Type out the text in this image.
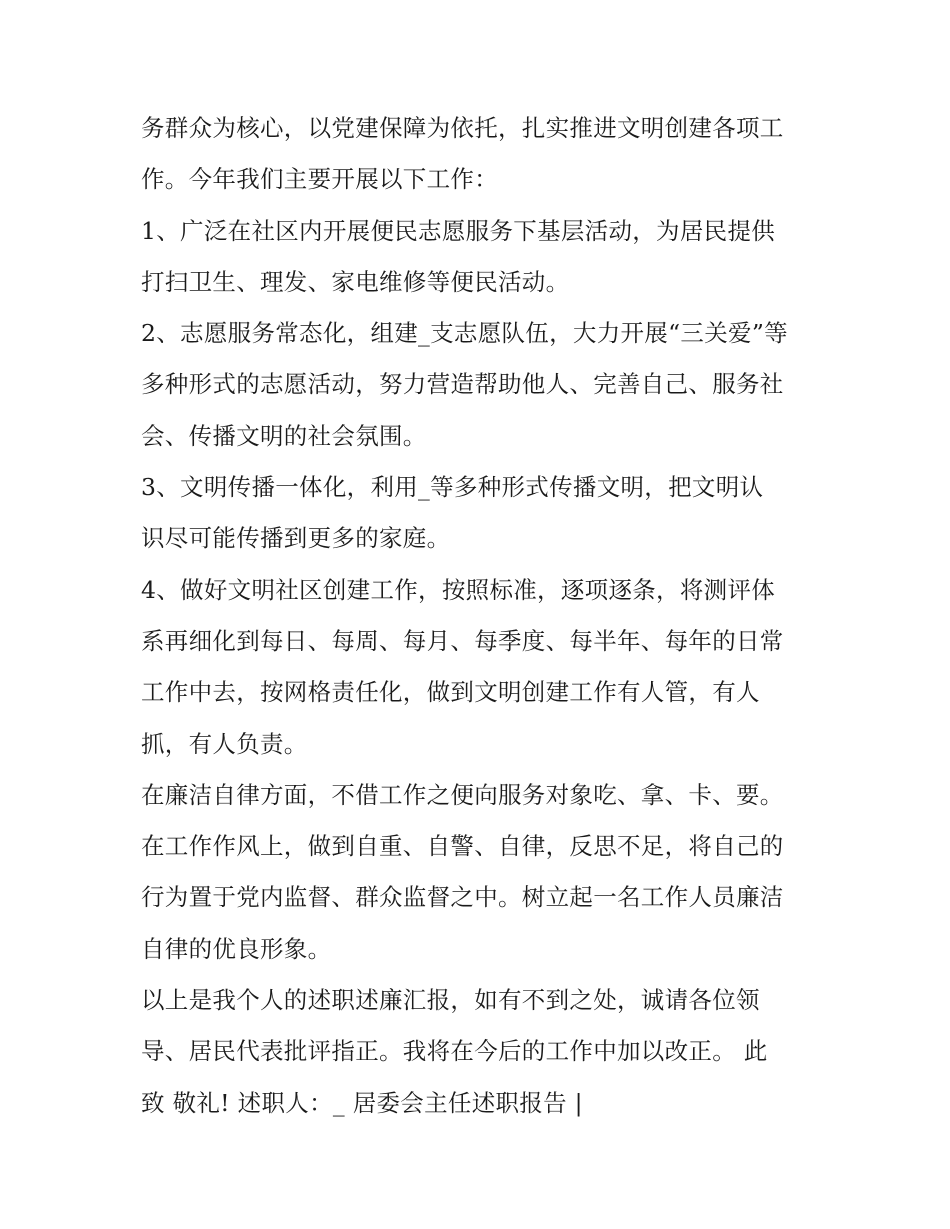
务群众为核心，以党建保障为依托，扎实推进文明创建各项工
作。今年我们主要开展以下工作：
1、广泛在社区内开展便民志愿服务下基层活动，为居民提供
打扫卫生、理发、家电维修等便民活动。
2、志愿服务常态化，组建_支志愿队伍，大力开展“三关爱”等
多种形式的志愿活动，努力营造帮助他人、完善自己、服务社
会、传播文明的社会氛围。
3、文明传播一体化，利用_等多种形式传播文明，把文明认
识尽可能传播到更多的家庭。
4、做好文明社区创建工作，按照标准，逐项逐条，将测评体
系再细化到每日、每周、每月、每季度、每半年、每年的日常
工作中去，按网格责任化，做到文明创建工作有人管，有人
抓，有人负责。
在廉洁自律方面，不借工作之便向服务对象吃、拿、卡、要。
在工作作风上，做到自重、自警、自律，反思不足，将自己的
行为置于党内监督、群众监督之中。树立起一名工作人员廉洁
自律的优良形象。
以上是我个人的述职述廉汇报，如有不到之处，诚请各位领
导、居民代表批评指正。我将在今后的工作中加以改正。 此
致 敬礼! 述职人：_ 居委会主任述职报告 |
